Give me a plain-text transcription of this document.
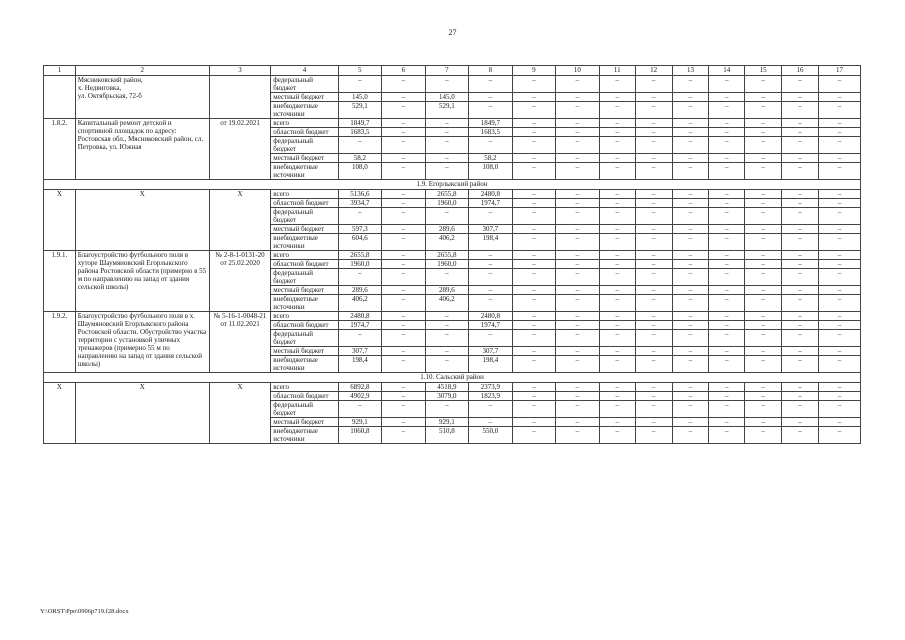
27
1	2	3	4	5	6	7	8	9	10	11	12	13	14	15	16	17
	Мясниковский район,
х. Недвиговка,
ул. Октябрьская, 72-б		федеральный бюджет	–	–	–	–	–	–	–	–	–	–	–	–	–
			местный бюджет	145,0	–	145,0	–	–	–	–	–	–	–	–	–	–
			внебюджетные источники	529,1	–	529,1	–	–	–	–	–	–	–	–	–	–
1.8.2.	Капитальный ремонт детской и спортивной площадок по адресу: Ростовская обл., Мясниковский район, сл. Петровка, ул. Южная	от 19.02.2021	всего	1849,7	–	–	1849,7	–	–	–	–	–	–	–	–	–
			областной бюджет	1683,5	–	–	1683,5	–	–	–	–	–	–	–	–	–
			федеральный бюджет	–	–	–	–	–	–	–	–	–	–	–	–	–
			местный бюджет	58,2	–	–	58,2	–	–	–	–	–	–	–	–	–
			внебюджетные источники	108,0	–	–	108,0	–	–	–	–	–	–	–	–	–
1.9. Егорлыкский район																
Х	Х	Х	всего	5136,6	–	2655,8	2480,8	–	–	–	–	–	–	–	–	–
			областной бюджет	3934,7	–	1960,0	1974,7	–	–	–	–	–	–	–	–	–
			федеральный бюджет	–	–	–	–	–	–	–	–	–	–	–	–	–
			местный бюджет	597,3	–	289,6	307,7	–	–	–	–	–	–	–	–	–
			внебюджетные источники	604,6	–	406,2	198,4	–	–	–	–	–	–	–	–	–
1.9.1.	Благоустройство футбольного поля в хуторе Шаумяновский Егорлыкского района Ростовской области (примерно в 55 м по направлению на запад от здания сельской школы)	№ 2-8-1-0131-20
от 25.02.2020	всего	2655,8	–	2655,8	–	–	–	–	–	–	–	–	–	–
			областной бюджет	1960,0	–	1960,0	–	–	–	–	–	–	–	–	–	–
			федеральный бюджет	–	–	–	–	–	–	–	–	–	–	–	–	–
			местный бюджет	289,6	–	289,6	–	–	–	–	–	–	–	–	–	–
			внебюджетные источники	406,2	–	406,2	–	–	–	–	–	–	–	–	–	–
1.9.2.	Благоустройство футбольного поля в х. Шаумяновский Егорлыкского района Ростовской области. Обустройство участка территории с установкой уличных тренажеров (примерно 55 м по направлению на запад от здания сельской школы)	№ 5-16-1-0048-21 от 11.02.2021	всего	2480,8	–	–	2480,8	–	–	–	–	–	–	–	–	–
			областной бюджет	1974,7	–	–	1974,7	–	–	–	–	–	–	–	–	–
			федеральный бюджет	–	–	–	–	–	–	–	–	–	–	–	–	–
			местный бюджет	307,7	–	–	307,7	–	–	–	–	–	–	–	–	–
			внебюджетные источники	198,4	–	–	198,4	–	–	–	–	–	–	–	–	–
1.10. Сальский район																
Х	Х	Х	всего	6892,8	–	4518,9	2373,9	–	–	–	–	–	–	–	–	–
			областной бюджет	4902,9	–	3079,0	1823,9	–	–	–	–	–	–	–	–	–
			федеральный бюджет	–	–	–	–	–	–	–	–	–	–	–	–	–
			местный бюджет	929,1	–	929,1	–	–	–	–	–	–	–	–	–	–
			внебюджетные источники	1060,8	–	510,8	550,0	–	–	–	–	–	–	–	–	–
Y:\ORST\Ppo\0906p719.f28.docx
